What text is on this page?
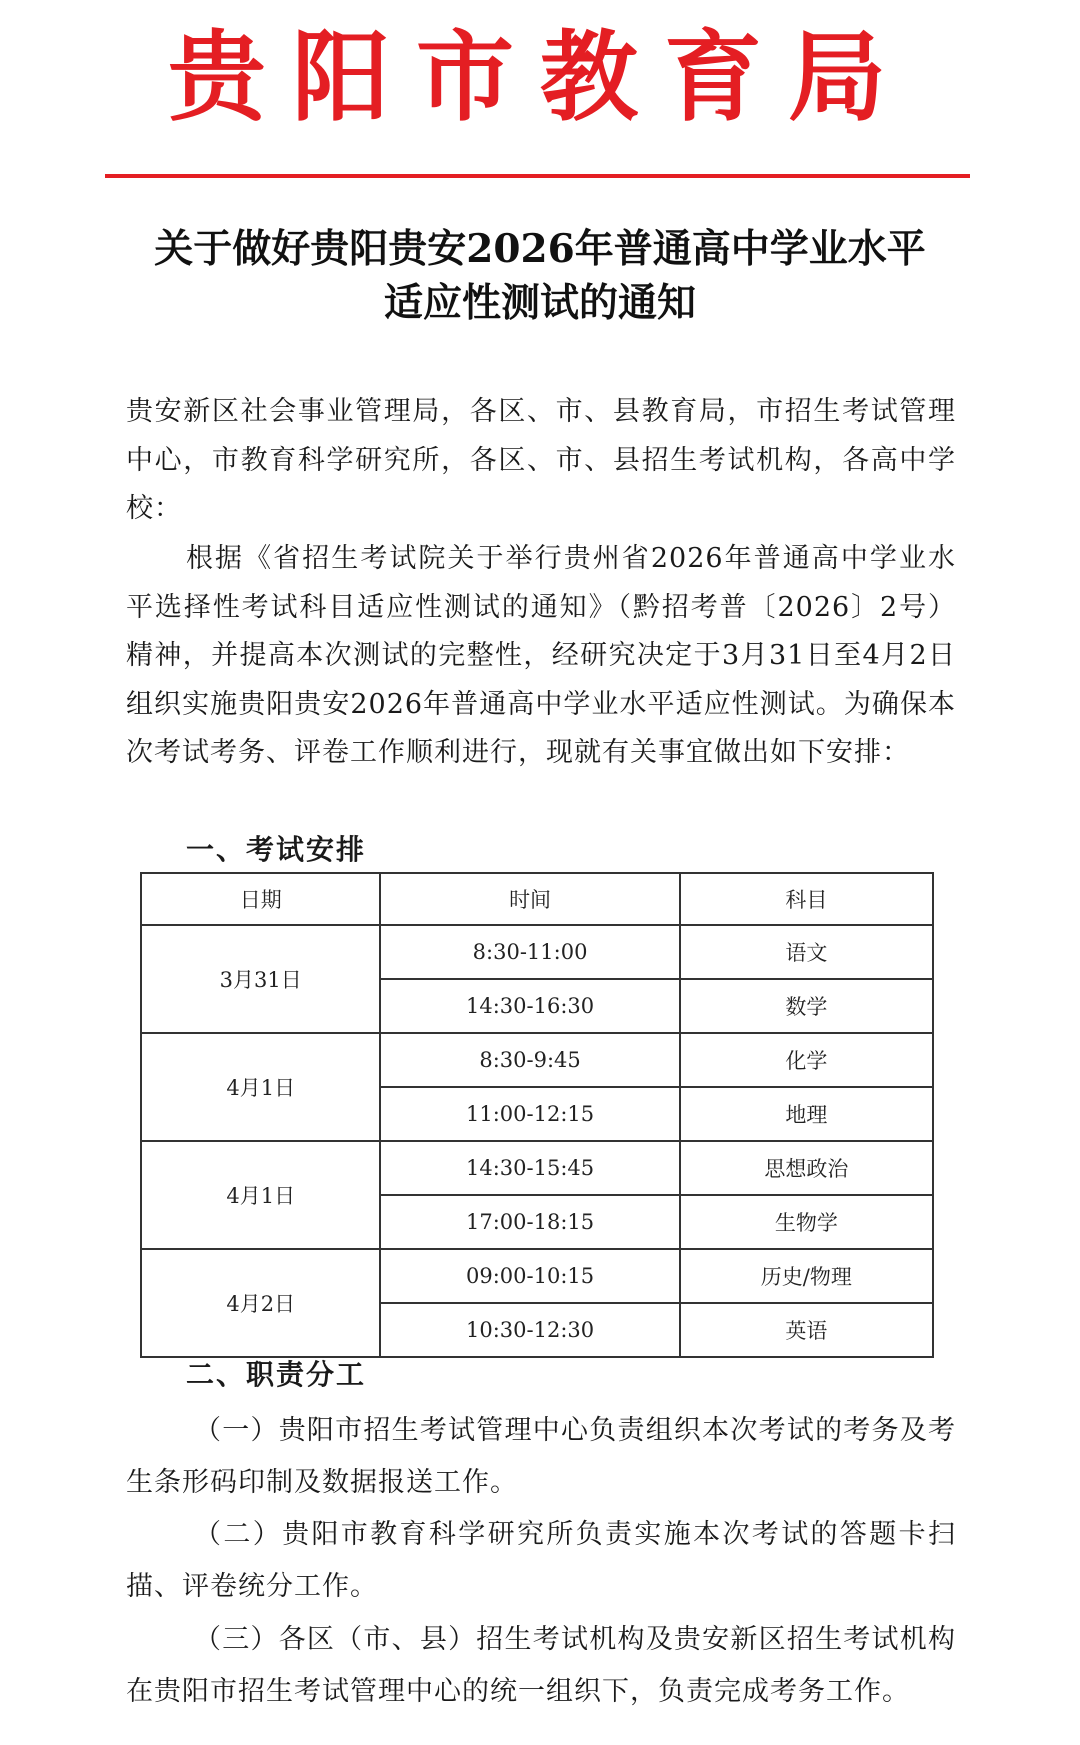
贵阳市教育局
关于做好贵阳贵安2026年普通高中学业水平
适应性测试的通知
贵安新区社会事业管理局，各区、市、县教育局，市招生考试管理中心，市教育科学研究所，各区、市、县招生考试机构，各高中学校：
根据《省招生考试院关于举行贵州省2026年普通高中学业水平选择性考试科目适应性测试的通知》（黔招考普〔2026〕2号）精神，并提高本次测试的完整性，经研究决定于3月31日至4月2日组织实施贵阳贵安2026年普通高中学业水平适应性测试。为确保本次考试考务、评卷工作顺利进行，现就有关事宜做出如下安排：
一、考试安排
日期	时间	科目
3月31日	8:30-11:00	语文
	14:30-16:30	数学
4月1日	8:30-9:45	化学
	11:00-12:15	地理
4月1日	14:30-15:45	思想政治
	17:00-18:15	生物学
4月2日	09:00-10:15	历史/物理
	10:30-12:30	英语
二、职责分工
（一）贵阳市招生考试管理中心负责组织本次考试的考务及考生条形码印制及数据报送工作。
（二）贵阳市教育科学研究所负责实施本次考试的答题卡扫描、评卷统分工作。
（三）各区（市、县）招生考试机构及贵安新区招生考试机构在贵阳市招生考试管理中心的统一组织下，负责完成考务工作。
